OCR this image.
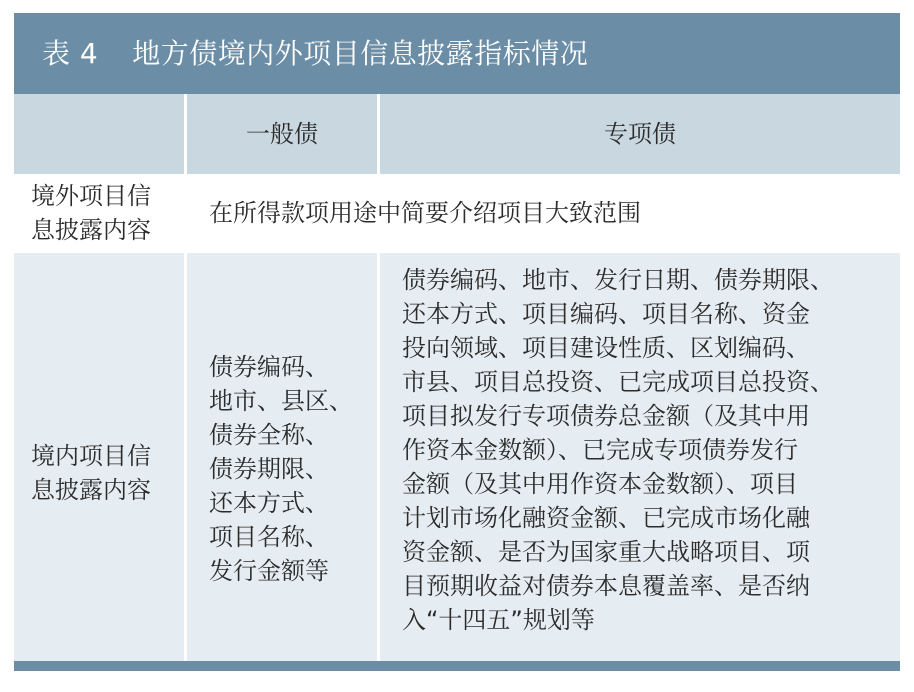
表 4 地方债境内外项目信息披露指标情况
一般债	专项债
境外项目信
息披露内容
在所得款项用途中简要介绍项目大致范围
境内项目信
息披露内容
债券编码、
地市、县区、
债券全称、
债券期限、
还本方式、
项目名称、
发行金额等
债券编码、地市、发行日期、债券期限、
还本方式、项目编码、项目名称、资金
投向领域、项目建设性质、区划编码、
市县、项目总投资、已完成项目总投资、
项目拟发行专项债券总金额（及其中用
作资本金数额）、已完成专项债券发行
金额（及其中用作资本金数额）、项目
计划市场化融资金额、已完成市场化融
资金额、是否为国家重大战略项目、项
目预期收益对债券本息覆盖率、是否纳
入“十四五”规划等
